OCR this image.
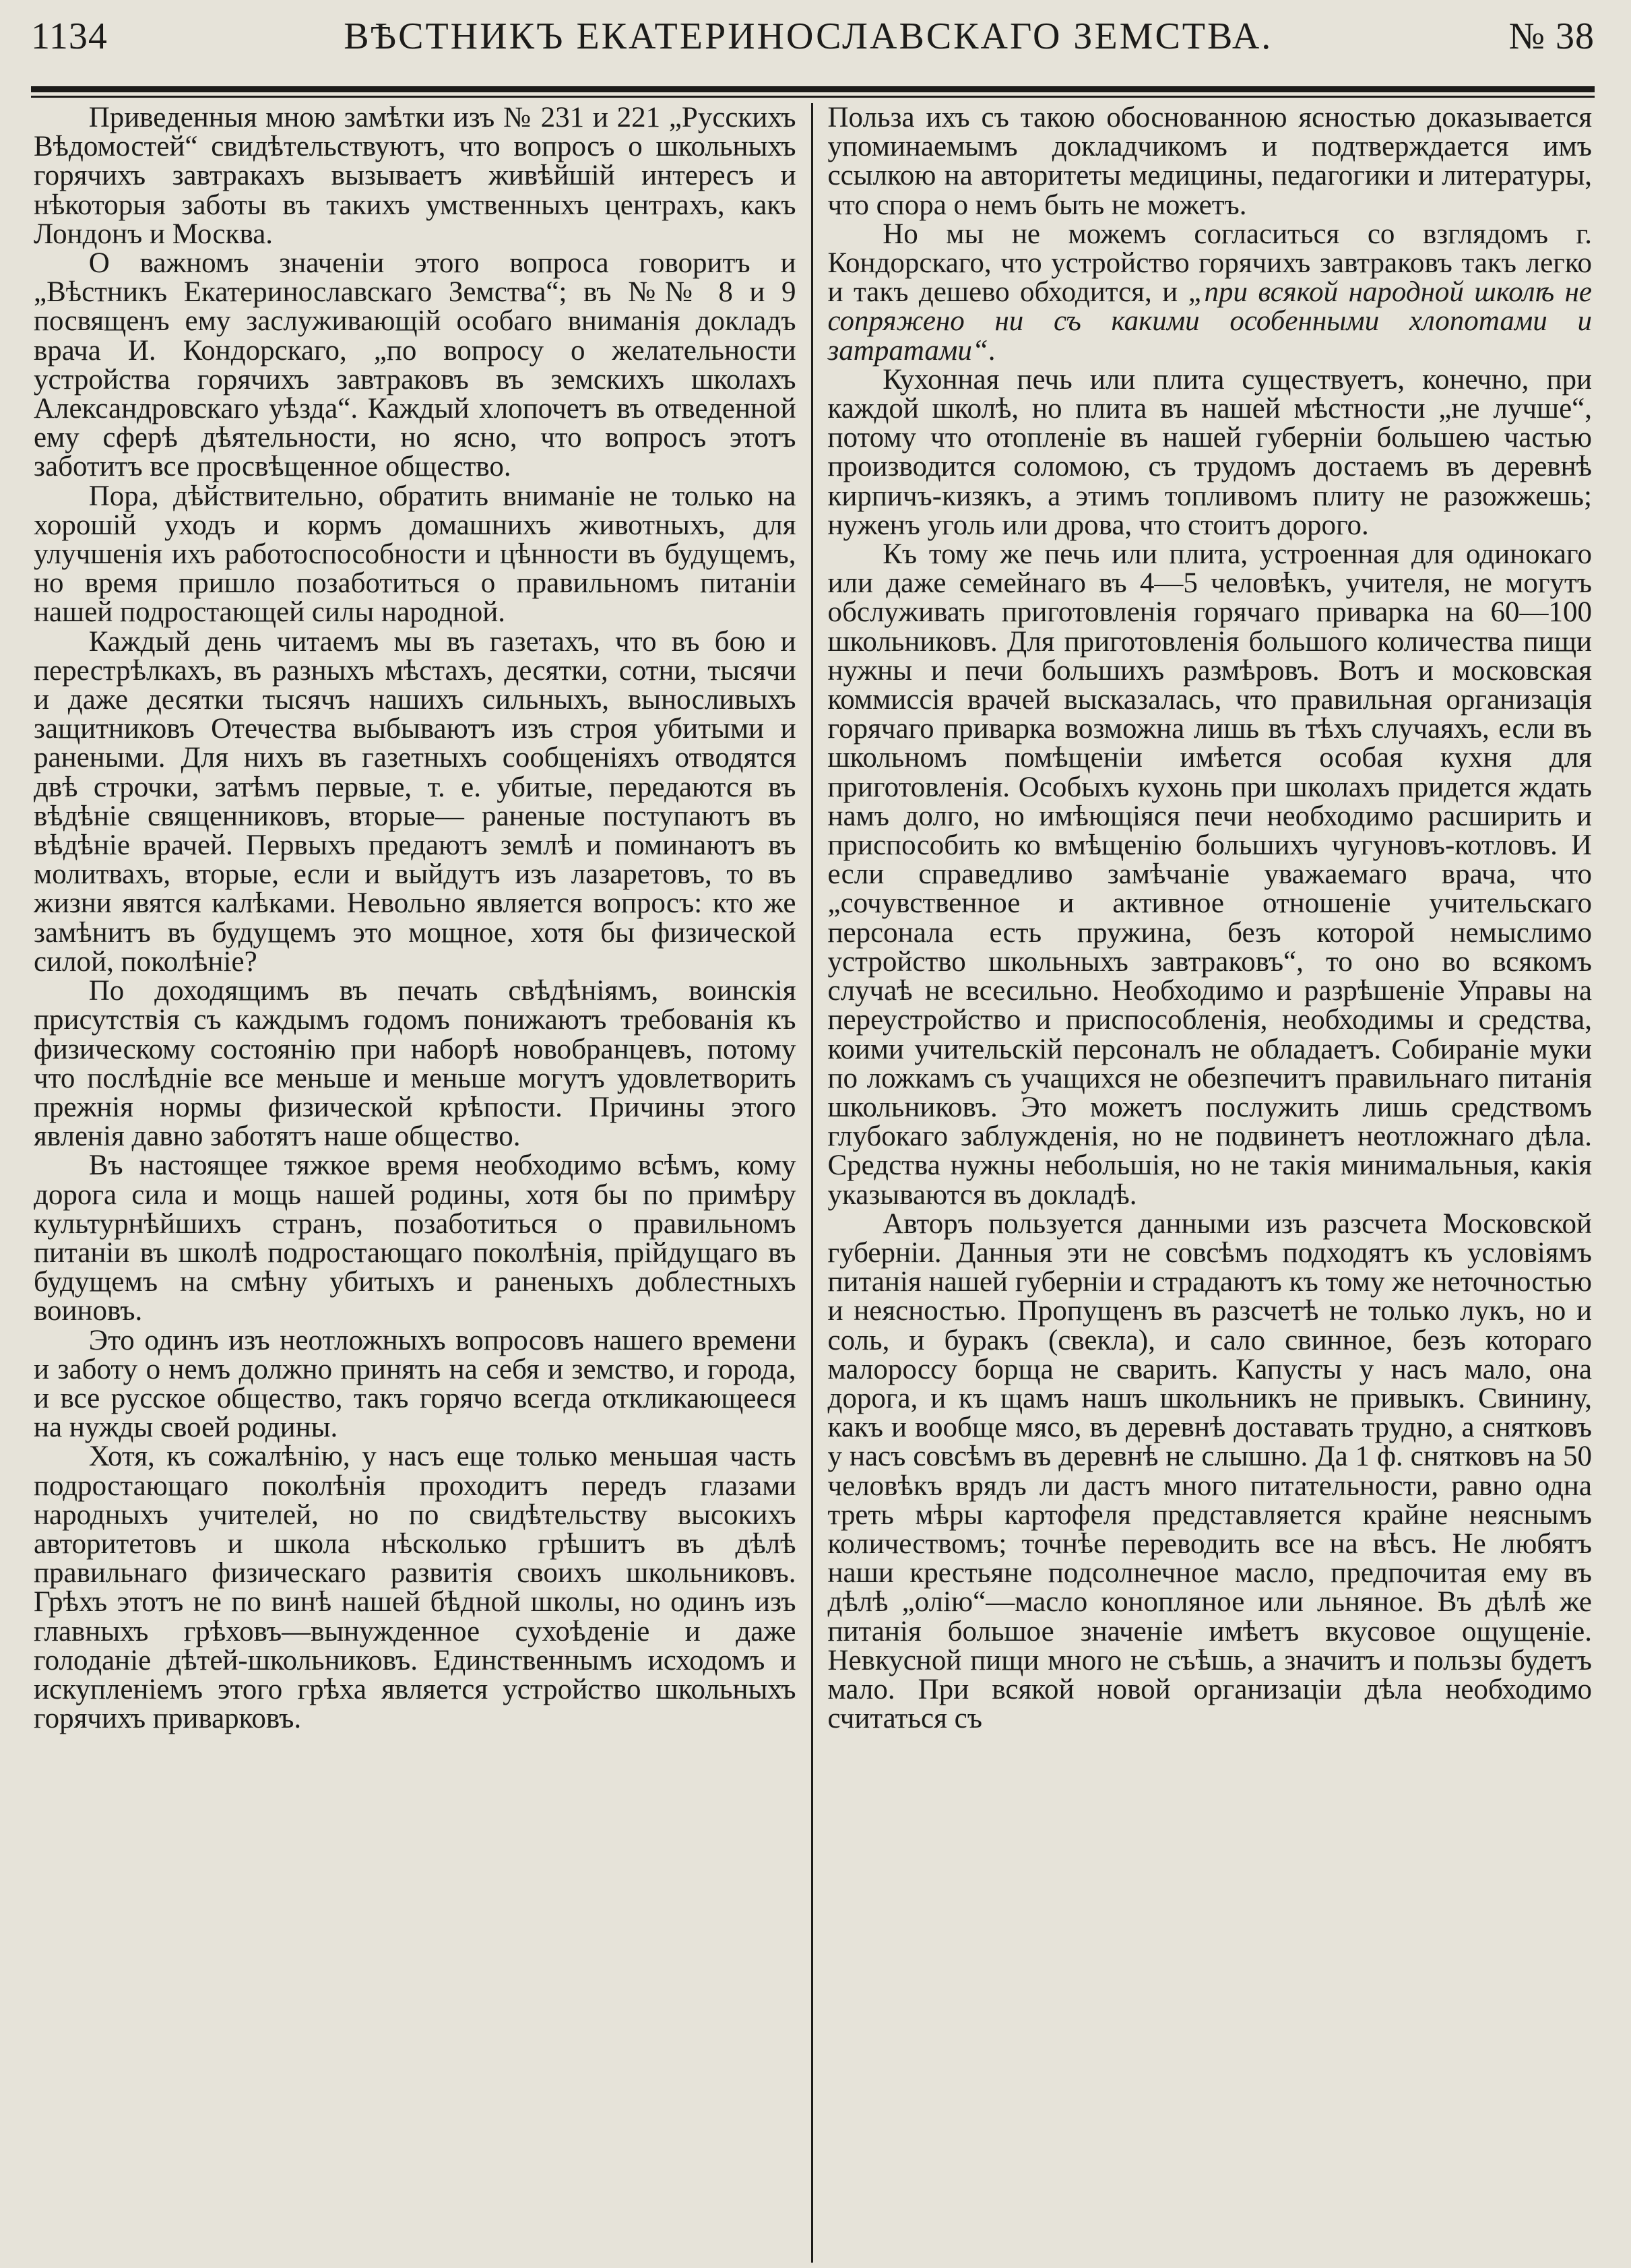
1134	ВѢСТНИКЪ ЕКАТЕРИНОСЛАВСКАГО ЗЕМСТВА.	№ 38

Приведенныя мною замѣтки изъ № 231 и 221 „Русскихъ Вѣдомостей“ свидѣтельствуютъ, что вопросъ о школьныхъ горячихъ завтракахъ вызываетъ живѣйшій интересъ и нѣкоторыя заботы въ такихъ умственныхъ центрахъ, какъ Лондонъ и Москва.

О важномъ значеніи этого вопроса говоритъ и „Вѣстникъ Екатеринославскаго Земства“; въ №№ 8 и 9 посвященъ ему заслуживающій особаго вниманія докладъ врача И. Кондорскаго, „по вопросу о желательности устройства горячихъ завтраковъ въ земскихъ школахъ Александровскаго уѣзда“. Каждый хлопочетъ въ отведенной ему сферѣ дѣятельности, но ясно, что вопросъ этотъ заботитъ все просвѣщенное общество.

Пора, дѣйствительно, обратить вниманіе не только на хорошій уходъ и кормъ домашнихъ животныхъ, для улучшенія ихъ работоспособности и цѣнности въ будущемъ, но время пришло позаботиться о правильномъ питаніи нашей подростающей силы народной.

Каждый день читаемъ мы въ газетахъ, что въ бою и перестрѣлкахъ, въ разныхъ мѣстахъ, десятки, сотни, тысячи и даже десятки тысячъ нашихъ сильныхъ, выносливыхъ защитниковъ Отечества выбываютъ изъ строя убитыми и ранеными. Для нихъ въ газетныхъ сообщеніяхъ отводятся двѣ строчки, затѣмъ первые, т. е. убитые, передаются въ вѣдѣніе священниковъ, вторые— раненые поступаютъ въ вѣдѣніе врачей. Первыхъ предаютъ землѣ и поминаютъ въ молитвахъ, вторые, если и выйдутъ изъ лазаретовъ, то въ жизни явятся калѣками. Невольно является вопросъ: кто же замѣнитъ въ будущемъ это мощное, хотя бы физической силой, поколѣніе?

По доходящимъ въ печать свѣдѣніямъ, воинскія присутствія съ каждымъ годомъ понижаютъ требованія къ физическому состоянію при наборѣ новобранцевъ, потому что послѣдніе все меньше и меньше могутъ удовлетворить прежнія нормы физической крѣпости. Причины этого явленія давно заботятъ наше общество.

Въ настоящее тяжкое время необходимо всѣмъ, кому дорога сила и мощь нашей родины, хотя бы по примѣру культурнѣйшихъ странъ, позаботиться о правильномъ питаніи въ школѣ подростающаго поколѣнія, прійдущаго въ будущемъ на смѣну убитыхъ и раненыхъ доблестныхъ воиновъ.

Это одинъ изъ неотложныхъ вопросовъ нашего времени и заботу о немъ должно принять на себя и земство, и города, и все русское общество, такъ горячо всегда откликающееся на нужды своей родины.

Хотя, къ сожалѣнію, у насъ еще только меньшая часть подростающаго поколѣнія проходитъ передъ глазами народныхъ учителей, но по свидѣтельству высокихъ авторитетовъ и школа нѣсколько грѣшитъ въ дѣлѣ правильнаго физическаго развитія своихъ школьниковъ. Грѣхъ этотъ не по винѣ нашей бѣдной школы, но одинъ изъ главныхъ грѣховъ—вынужденное сухоѣденіе и даже голоданіе дѣтей-школьниковъ. Единственнымъ исходомъ и искупленіемъ этого грѣха является устройство школьныхъ горячихъ приварковъ.

Польза ихъ съ такою обоснованною ясностью доказывается упоминаемымъ докладчикомъ и подтверждается имъ ссылкою на авторитеты медицины, педагогики и литературы, что спора о немъ быть не можетъ.

Но мы не можемъ согласиться со взглядомъ г. Кондорскаго, что устройство горячихъ завтраковъ такъ легко и такъ дешево обходится, и „при всякой народной школѣ не сопряжено ни съ какими особенными хлопотами и затратами“.

Кухонная печь или плита существуетъ, конечно, при каждой школѣ, но плита въ нашей мѣстности „не лучше“, потому что отопленіе въ нашей губерніи большею частью производится соломою, съ трудомъ достаемъ въ деревнѣ кирпичъ-кизякъ, а этимъ топливомъ плиту не разожжешь; нуженъ уголь или дрова, что стоитъ дорого.

Къ тому же печь или плита, устроенная для одинокаго или даже семейнаго въ 4—5 человѣкъ, учителя, не могутъ обслуживать приготовленія горячаго приварка на 60—100 школьниковъ. Для приготовленія большого количества пищи нужны и печи большихъ размѣровъ. Вотъ и московская коммиссія врачей высказалась, что правильная организація горячаго приварка возможна лишь въ тѣхъ случаяхъ, если въ школьномъ помѣщеніи имѣется особая кухня для приготовленія. Особыхъ кухонь при школахъ придется ждать намъ долго, но имѣющіяся печи необходимо расширить и приспособить ко вмѣщенію большихъ чугуновъ-котловъ. И если справедливо замѣчаніе уважаемаго врача, что „сочувственное и активное отношеніе учительскаго персонала есть пружина, безъ которой немыслимо устройство школьныхъ завтраковъ“, то оно во всякомъ случаѣ не всесильно. Необходимо и разрѣшеніе Управы на переустройство и приспособленія, необходимы и средства, коими учительскій персоналъ не обладаетъ. Собираніе муки по ложкамъ съ учащихся не обезпечитъ правильнаго питанія школьниковъ. Это можетъ послужить лишь средствомъ глубокаго заблужденія, но не подвинетъ неотложнаго дѣла. Средства нужны небольшія, но не такія минимальныя, какія указываются въ докладѣ.

Авторъ пользуется данными изъ разсчета Московской губерніи. Данныя эти не совсѣмъ подходятъ къ условіямъ питанія нашей губерніи и страдаютъ къ тому же неточностью и неясностью. Пропущенъ въ разсчетѣ не только лукъ, но и соль, и буракъ (свекла), и сало свинное, безъ котораго малороссу борща не сварить. Капусты у насъ мало, она дорога, и къ щамъ нашъ школьникъ не привыкъ. Свинину, какъ и вообще мясо, въ деревнѣ доставать трудно, а снятковъ у насъ совсѣмъ въ деревнѣ не слышно. Да 1 ф. снятковъ на 50 человѣкъ врядъ ли дастъ много питательности, равно одна треть мѣры картофеля представляется крайне неяснымъ количествомъ; точнѣе переводить все на вѣсъ. Не любятъ наши крестьяне подсолнечное масло, предпочитая ему въ дѣлѣ „олію“—масло конопляное или льняное. Въ дѣлѣ же питанія большое значеніе имѣетъ вкусовое ощущеніе. Невкусной пищи много не съѣшь, а значитъ и пользы будетъ мало. При всякой новой организаціи дѣла необходимо считаться съ
